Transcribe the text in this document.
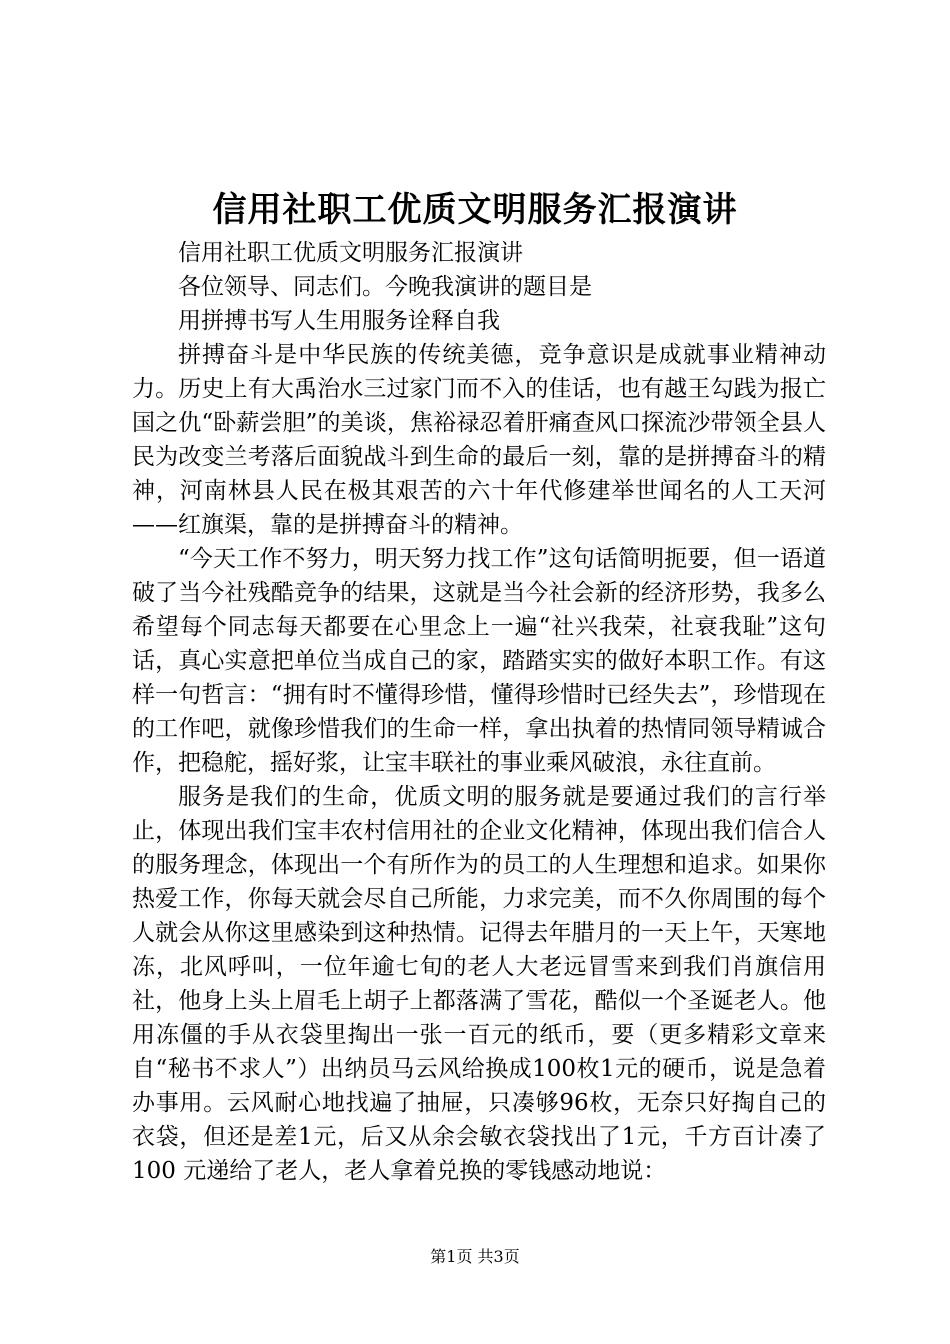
信用社职工优质文明服务汇报演讲

信用社职工优质文明服务汇报演讲

各位领导、同志们。今晚我演讲的题目是

用拼搏书写人生用服务诠释自我

拼搏奋斗是中华民族的传统美德，竞争意识是成就事业精神动力。历史上有大禹治水三过家门而不入的佳话，也有越王勾践为报亡国之仇“卧薪尝胆”的美谈，焦裕禄忍着肝痛查风口探流沙带领全县人民为改变兰考落后面貌战斗到生命的最后一刻，靠的是拼搏奋斗的精神，河南林县人民在极其艰苦的六十年代修建举世闻名的人工天河——红旗渠，靠的是拼搏奋斗的精神。

“今天工作不努力，明天努力找工作”这句话简明扼要，但一语道破了当今社残酷竞争的结果，这就是当今社会新的经济形势，我多么希望每个同志每天都要在心里念上一遍“社兴我荣，社衰我耻”这句话，真心实意把单位当成自己的家，踏踏实实的做好本职工作。有这样一句哲言：“拥有时不懂得珍惜，懂得珍惜时已经失去”，珍惜现在的工作吧，就像珍惜我们的生命一样，拿出执着的热情同领导精诚合作，把稳舵，摇好浆，让宝丰联社的事业乘风破浪，永往直前。

服务是我们的生命，优质文明的服务就是要通过我们的言行举止，体现出我们宝丰农村信用社的企业文化精神，体现出我们信合人的服务理念，体现出一个有所作为的员工的人生理想和追求。如果你热爱工作，你每天就会尽自己所能，力求完美，而不久你周围的每个人就会从你这里感染到这种热情。记得去年腊月的一天上午，天寒地冻，北风呼叫，一位年逾七旬的老人大老远冒雪来到我们肖旗信用社，他身上头上眉毛上胡子上都落满了雪花，酷似一个圣诞老人。他用冻僵的手从衣袋里掏出一张一百元的纸币，要（更多精彩文章来自“秘书不求人”）出纳员马云风给换成100枚1元的硬币，说是急着办事用。云风耐心地找遍了抽屉，只凑够96枚，无奈只好掏自己的衣袋，但还是差1元，后又从余会敏衣袋找出了1元，千方百计凑了 100 元递给了老人，老人拿着兑换的零钱感动地说：

第1页 共3页
